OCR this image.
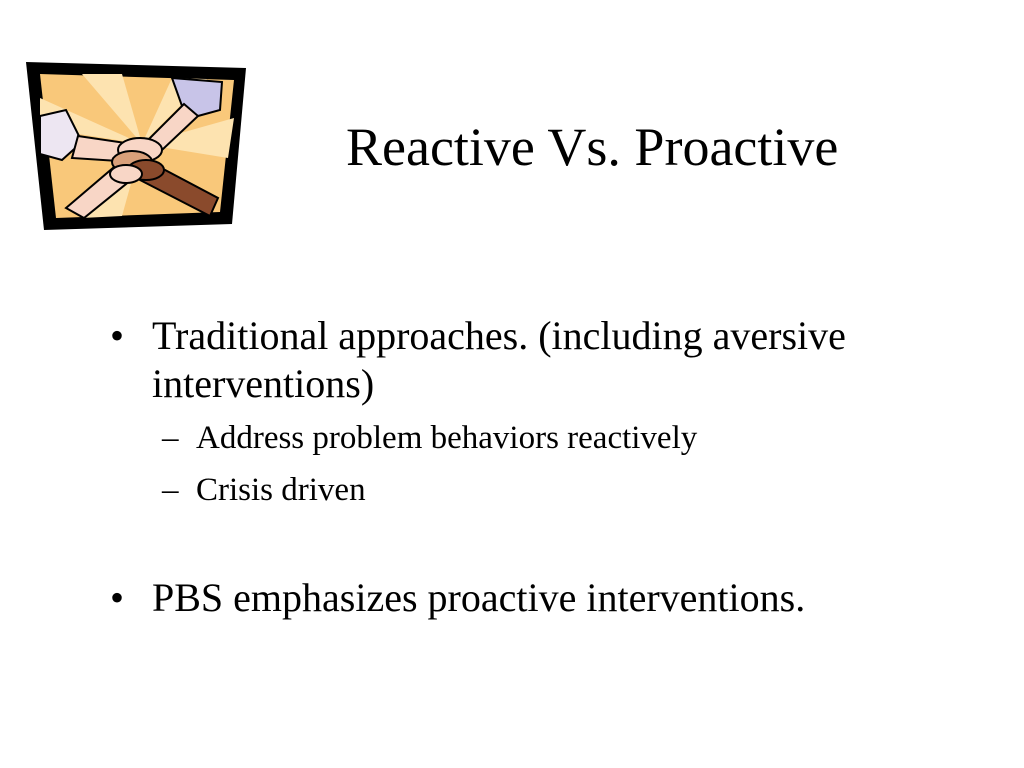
Reactive Vs. Proactive
• Traditional approaches. (including aversive interventions)
– Address problem behaviors reactively
– Crisis driven
• PBS emphasizes proactive interventions.
